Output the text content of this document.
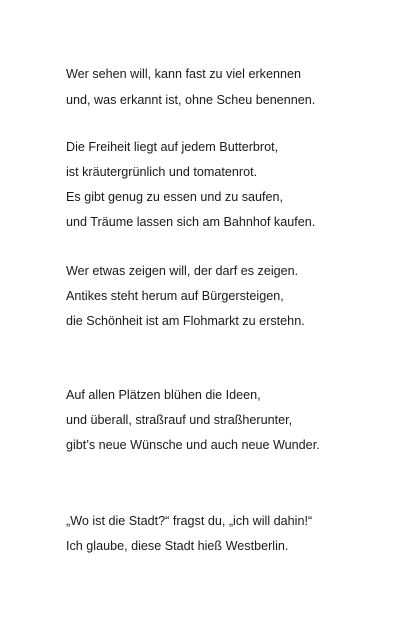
Wer sehen will, kann fast zu viel erkennen
und, was erkannt ist, ohne Scheu benennen.
Die Freiheit liegt auf jedem Butterbrot,
ist kräutergrünlich und tomatenrot.
Es gibt genug zu essen und zu saufen,
und Träume lassen sich am Bahnhof kaufen.
Wer etwas zeigen will, der darf es zeigen.
Antikes steht herum auf Bürgersteigen,
die Schönheit ist am Flohmarkt zu erstehn.
Auf allen Plätzen blühen die Ideen,
und überall, straßrauf und straßherunter,
gibt’s neue Wünsche und auch neue Wunder.
„Wo ist die Stadt?“ fragst du, „ich will dahin!“
Ich glaube, diese Stadt hieß Westberlin.
